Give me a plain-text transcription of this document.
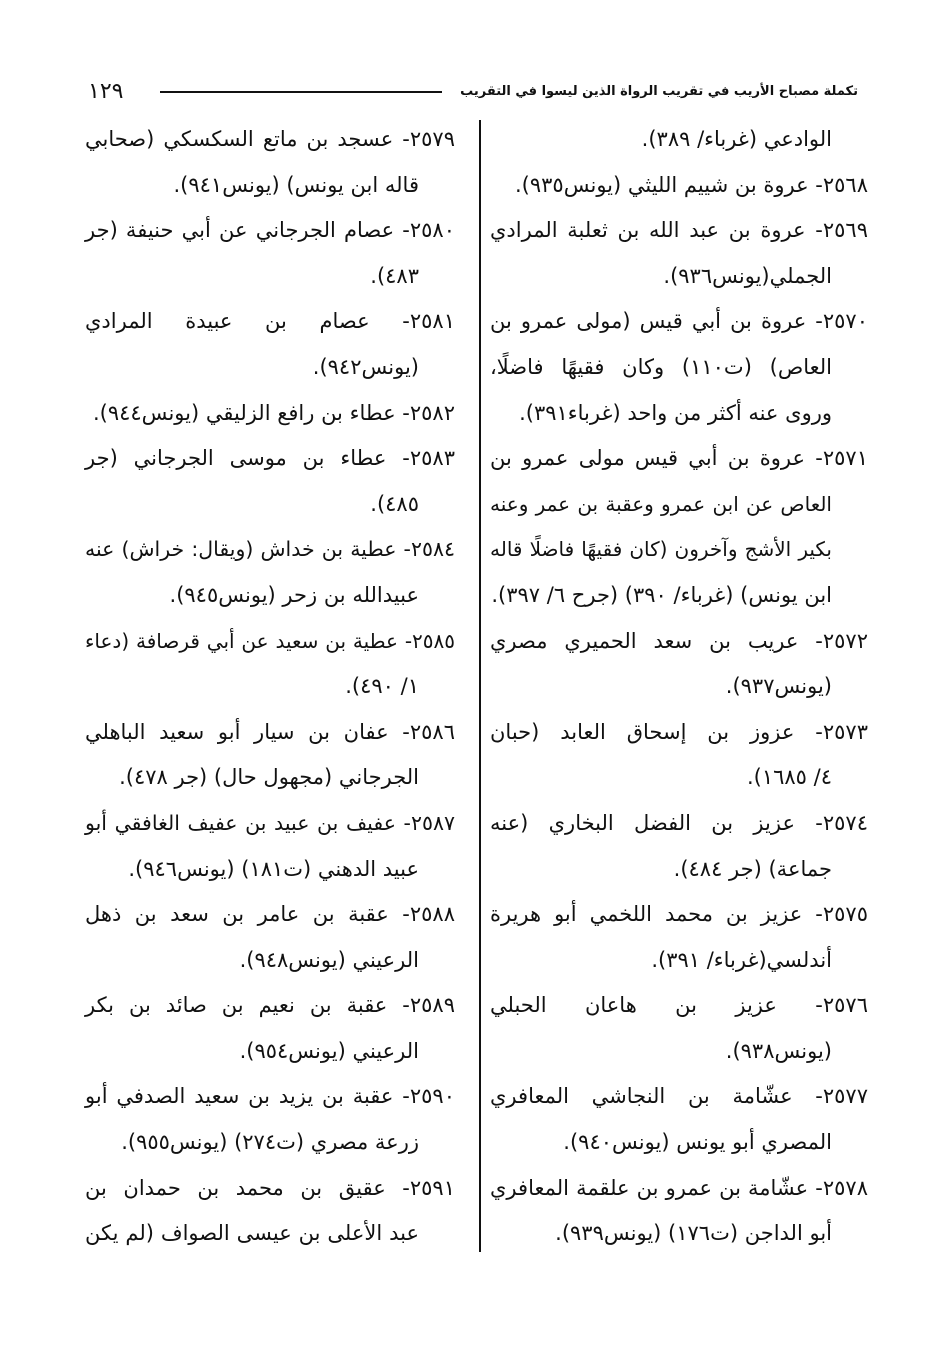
تكملة مصباح الأريب في تقريب الرواة الذين ليسوا في التقريب
١٢٩
الوادعي (غرباء/ ٣٨٩).
٢٥٦٨- عروة بن شييم الليثي (يونس٩٣٥).
٢٥٦٩- عروة بن عبد الله بن ثعلبة المرادي
الجملي(يونس٩٣٦).
٢٥٧٠- عروة بن أبي قيس (مولى عمرو بن
العاص) (ت١١٠) وكان فقيهًا فاضلًا،
وروى عنه أكثر من واحد (غرباء٣٩١).
٢٥٧١- عروة بن أبي قيس مولى عمرو بن
العاص عن ابن عمرو وعقبة بن عمر وعنه
بكير الأشج وآخرون (كان فقيهًا فاضلًا قاله
ابن يونس) (غرباء/ ٣٩٠) (جرح ٦/ ٣٩٧).
٢٥٧٢- عريب بن سعد الحميري مصري
(يونس٩٣٧).
٢٥٧٣- عزوز بن إسحاق العابد (حبان
٤/ ١٦٨٥).
٢٥٧٤- عزيز بن الفضل البخاري (عنه
جماعة) (جر ٤٨٤).
٢٥٧٥- عزيز بن محمد اللخمي أبو هريرة
أندلسي(غرباء/ ٣٩١).
٢٥٧٦- عزيز بن هاعان الحبلي
(يونس٩٣٨).
٢٥٧٧- عشّامة بن النجاشي المعافري
المصري أبو يونس (يونس٩٤٠).
٢٥٧٨- عشّامة بن عمرو بن علقمة المعافري
أبو الداجن (ت١٧٦) (يونس٩٣٩).
٢٥٧٩- عسجد بن ماتع السكسكي (صحابي
قاله ابن يونس) (يونس٩٤١).
٢٥٨٠- عصام الجرجاني عن أبي حنيفة (جر
٤٨٣).
٢٥٨١- عصام بن عبيدة المرادي
(يونس٩٤٢).
٢٥٨٢- عطاء بن رافع الزليقي (يونس٩٤٤).
٢٥٨٣- عطاء بن موسى الجرجاني (جر
٤٨٥).
٢٥٨٤- عطية بن خداش (ويقال: خراش) عنه
عبيدالله بن زحر (يونس٩٤٥).
٢٥٨٥- عطية بن سعيد عن أبي قرصافة (دعاء
١/ ٤٩٠).
٢٥٨٦- عفان بن سيار أبو سعيد الباهلي
الجرجاني (مجهول حال) (جر ٤٧٨).
٢٥٨٧- عفيف بن عبيد بن عفيف الغافقي أبو
عبيد الدهني (ت١٨١) (يونس٩٤٦).
٢٥٨٨- عقبة بن عامر بن سعد بن ذهل
الرعيني (يونس٩٤٨).
٢٥٨٩- عقبة بن نعيم بن صائد بن بكر
الرعيني (يونس٩٥٤).
٢٥٩٠- عقبة بن يزيد بن سعيد الصدفي أبو
زرعة مصري (ت٢٧٤) (يونس٩٥٥).
٢٥٩١- عقيق بن محمد بن حمدان بن
عبد الأعلى بن عيسى الصواف (لم يكن
